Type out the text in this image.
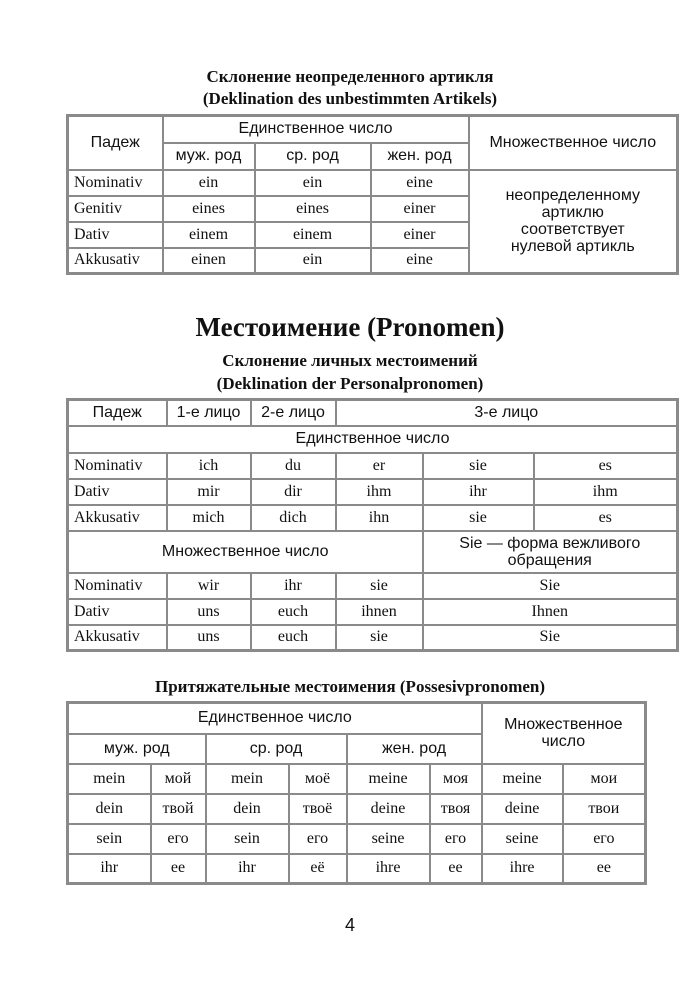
Склонение неопределенного артикля
(Deklination des unbestimmten Artikels)
Падеж	Единственное число			Множественное число
	муж. род	ср. род	жен. род	
Nominativ	ein	ein	eine	неопределенному артиклю соответствует нулевой артикль
Genitiv	eines	eines	einer	
Dativ	einem	einem	einer	
Akkusativ	einen	ein	eine	
Местоимение (Pronomen)
Склонение личных местоимений
(Deklination der Personalpronomen)
Падеж	1-е лицо	2-е лицо	3-е лицо		
Единственное число					
Nominativ	ich	du	er	sie	es
Dativ	mir	dir	ihm	ihr	ihm
Akkusativ	mich	dich	ihn	sie	es
Множественное число				Sie — форма вежливого обращения	
Nominativ	wir	ihr	sie	Sie	
Dativ	uns	euch	ihnen	Ihnen	
Akkusativ	uns	euch	sie	Sie	
Притяжательные местоимения (Possesivpronomen)
Единственное число						Множественное число	
муж. род		ср. род		жен. род			
mein	мой	mein	моё	meine	моя	meine	мои
dein	твой	dein	твоё	deine	твоя	deine	твои
sein	его	sein	его	seine	его	seine	его
ihr	ее	ihr	её	ihre	ее	ihre	ее
4
